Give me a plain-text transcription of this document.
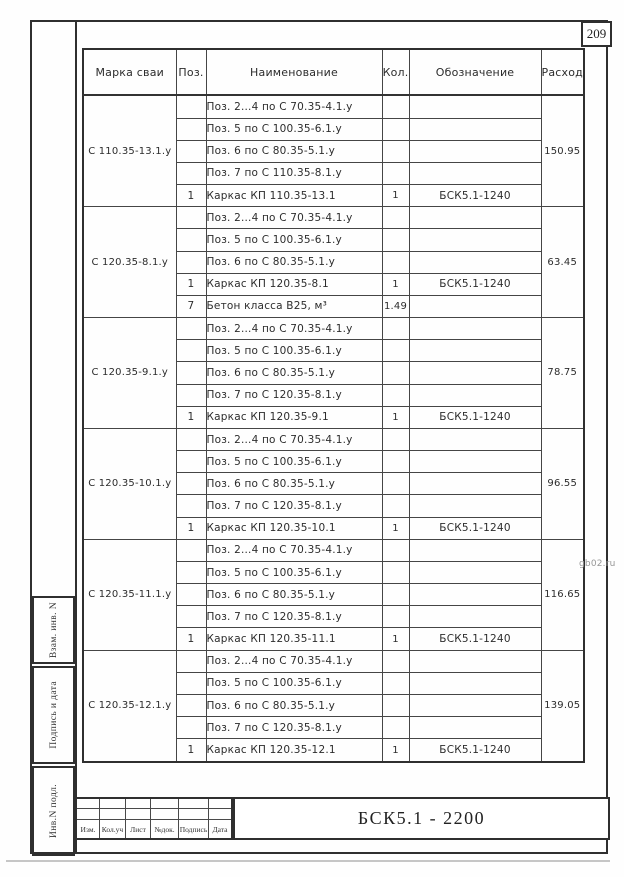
209
Взам. инв. N
Подпись и дата
Инв.N подл.
Марка сваи	Поз.	Наименование	Кол.	Обозначение	Расход
С 110.35-13.1.у		Поз. 2...4 по С 70.35-4.1.у			150.95
		Поз. 5 по С 100.35-6.1.у			
		Поз. 6 по С 80.35-5.1.у			
		Поз. 7 по С 110.35-8.1.у			
	1	Каркас КП 110.35-13.1	1	БСК5.1-1240	
С 120.35-8.1.у		Поз. 2...4 по С 70.35-4.1.у			63.45
		Поз. 5 по С 100.35-6.1.у			
		Поз. 6 по С 80.35-5.1.у			
	1	Каркас КП 120.35-8.1	1	БСК5.1-1240	
	7	Бетон класса В25, м³	1.49		
С 120.35-9.1.у		Поз. 2...4 по С 70.35-4.1.у			78.75
		Поз. 5 по С 100.35-6.1.у			
		Поз. 6 по С 80.35-5.1.у			
		Поз. 7 по С 120.35-8.1.у			
	1	Каркас КП 120.35-9.1	1	БСК5.1-1240	
С 120.35-10.1.у		Поз. 2...4 по С 70.35-4.1.у			96.55
		Поз. 5 по С 100.35-6.1.у			
		Поз. 6 по С 80.35-5.1.у			
		Поз. 7 по С 120.35-8.1.у			
	1	Каркас КП 120.35-10.1	1	БСК5.1-1240	
С 120.35-11.1.у		Поз. 2...4 по С 70.35-4.1.у			116.65
		Поз. 5 по С 100.35-6.1.у			
		Поз. 6 по С 80.35-5.1.у			
		Поз. 7 по С 120.35-8.1.у			
	1	Каркас КП 120.35-11.1	1	БСК5.1-1240	
С 120.35-12.1.у		Поз. 2...4 по С 70.35-4.1.у			139.05
		Поз. 5 по С 100.35-6.1.у			
		Поз. 6 по С 80.35-5.1.у			
		Поз. 7 по С 120.35-8.1.у			
	1	Каркас КП 120.35-12.1	1	БСК5.1-1240	
Изм. Кол.уч Лист	№док. Подпись Дата
БСК5.1 - 2200
gb02.ru
